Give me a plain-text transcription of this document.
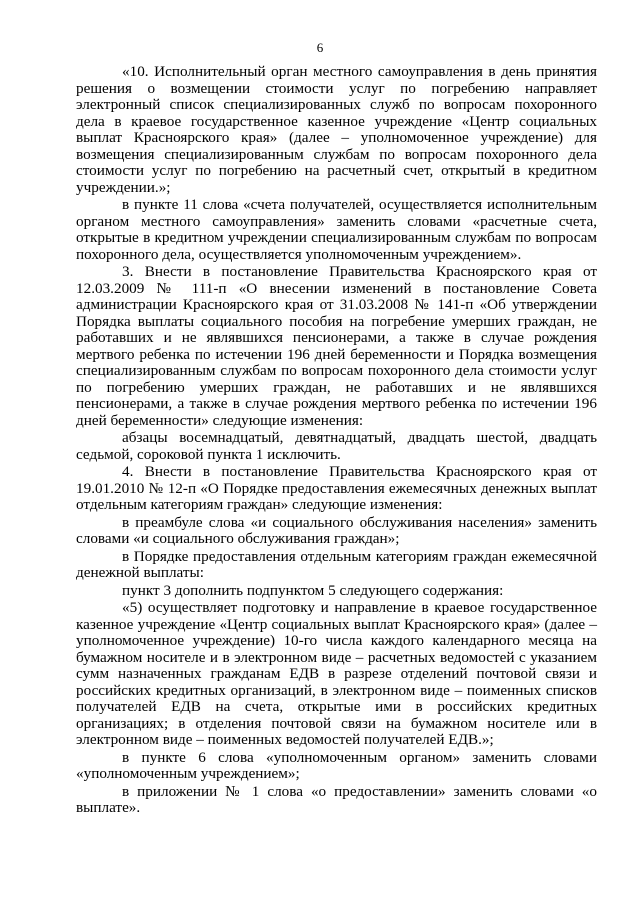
6

«10. Исполнительный орган местного самоуправления в день принятия решения о возмещении стоимости услуг по погребению направляет электронный список специализированных служб по вопросам похоронного дела в краевое государственное казенное учреждение «Центр социальных выплат Красноярского края» (далее – уполномоченное учреждение) для возмещения специализированным службам по вопросам похоронного дела стоимости услуг по погребению на расчетный счет, открытый в кредитном учреждении.»;

в пункте 11 слова «счета получателей, осуществляется исполнительным органом местного самоуправления» заменить словами «расчетные счета, открытые в кредитном учреждении специализированным службам по вопросам похоронного дела, осуществляется уполномоченным учреждением».

3. Внести в постановление Правительства Красноярского края от 12.03.2009 № 111-п «О внесении изменений в постановление Совета администрации Красноярского края от 31.03.2008 № 141-п «Об утверждении Порядка выплаты социального пособия на погребение умерших граждан, не работавших и не являвшихся пенсионерами, а также в случае рождения мертвого ребенка по истечении 196 дней беременности и Порядка возмещения специализированным службам по вопросам похоронного дела стоимости услуг по погребению умерших граждан, не работавших и не являвшихся пенсионерами, а также в случае рождения мертвого ребенка по истечении 196 дней беременности» следующие изменения:

абзацы восемнадцатый, девятнадцатый, двадцать шестой, двадцать седьмой, сороковой пункта 1 исключить.

4. Внести в постановление Правительства Красноярского края от 19.01.2010 № 12-п «О Порядке предоставления ежемесячных денежных выплат отдельным категориям граждан» следующие изменения:

в преамбуле слова «и социального обслуживания населения» заменить словами «и социального обслуживания граждан»;

в Порядке предоставления отдельным категориям граждан ежемесячной денежной выплаты:

пункт 3 дополнить подпунктом 5 следующего содержания:

«5) осуществляет подготовку и направление в краевое государственное казенное учреждение «Центр социальных выплат Красноярского края» (далее – уполномоченное учреждение) 10-го числа каждого календарного месяца на бумажном носителе и в электронном виде – расчетных ведомостей с указанием сумм назначенных гражданам ЕДВ в разрезе отделений почтовой связи и российских кредитных организаций, в электронном виде – поименных списков получателей ЕДВ на счета, открытые ими в российских кредитных организациях; в отделения почтовой связи на бумажном носителе или в электронном виде – поименных ведомостей получателей ЕДВ.»;

в пункте 6 слова «уполномоченным органом» заменить словами «уполномоченным учреждением»;

в приложении № 1 слова «о предоставлении» заменить словами «о выплате».
